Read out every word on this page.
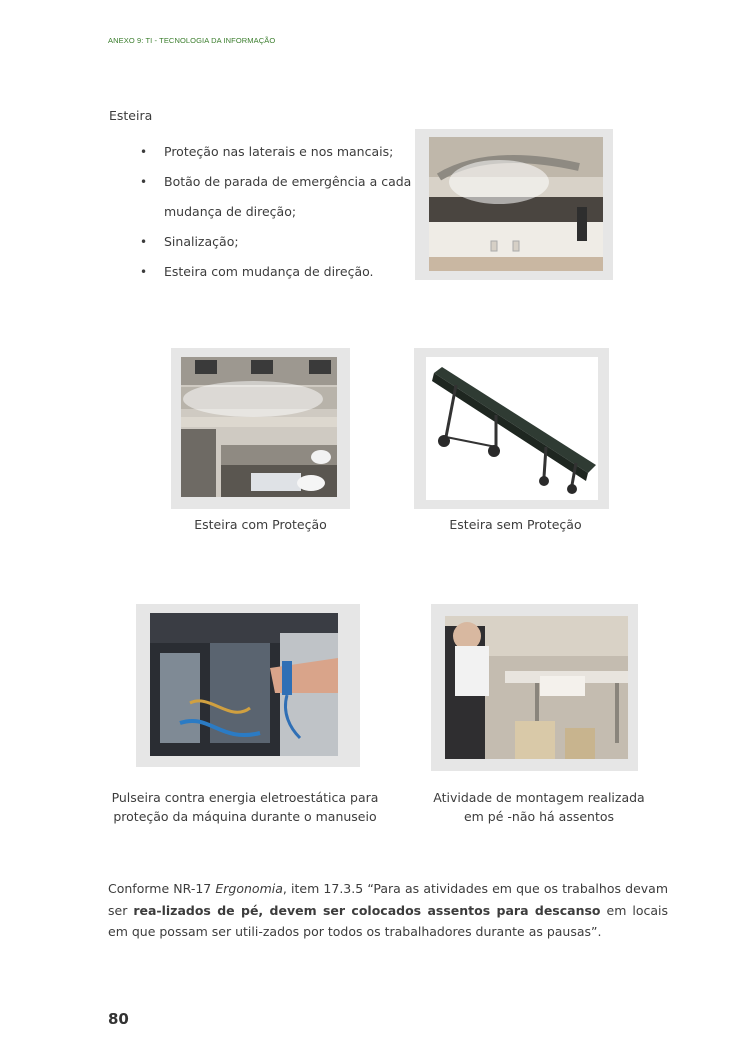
ANEXO 9: TI - TECNOLOGIA DA INFORMAÇÃO
Esteira
• Proteção nas laterais e nos mancais;
• Botão de parada de emergência a cada
mudança de direção;
• Sinalização;
• Esteira com mudança de direção.
Esteira com Proteção	Esteira sem Proteção
Pulseira contra energia eletroestática para
proteção da máquina durante o manuseio
Atividade de montagem realizada
em pé -não há assentos
Conforme NR-17 Ergonomia, item 17.3.5 “Para as atividades em que os trabalhos devam ser rea-lizados de pé, devem ser colocados assentos para descanso em locais em que possam ser utili-zados por todos os trabalhadores durante as pausas”.
80
